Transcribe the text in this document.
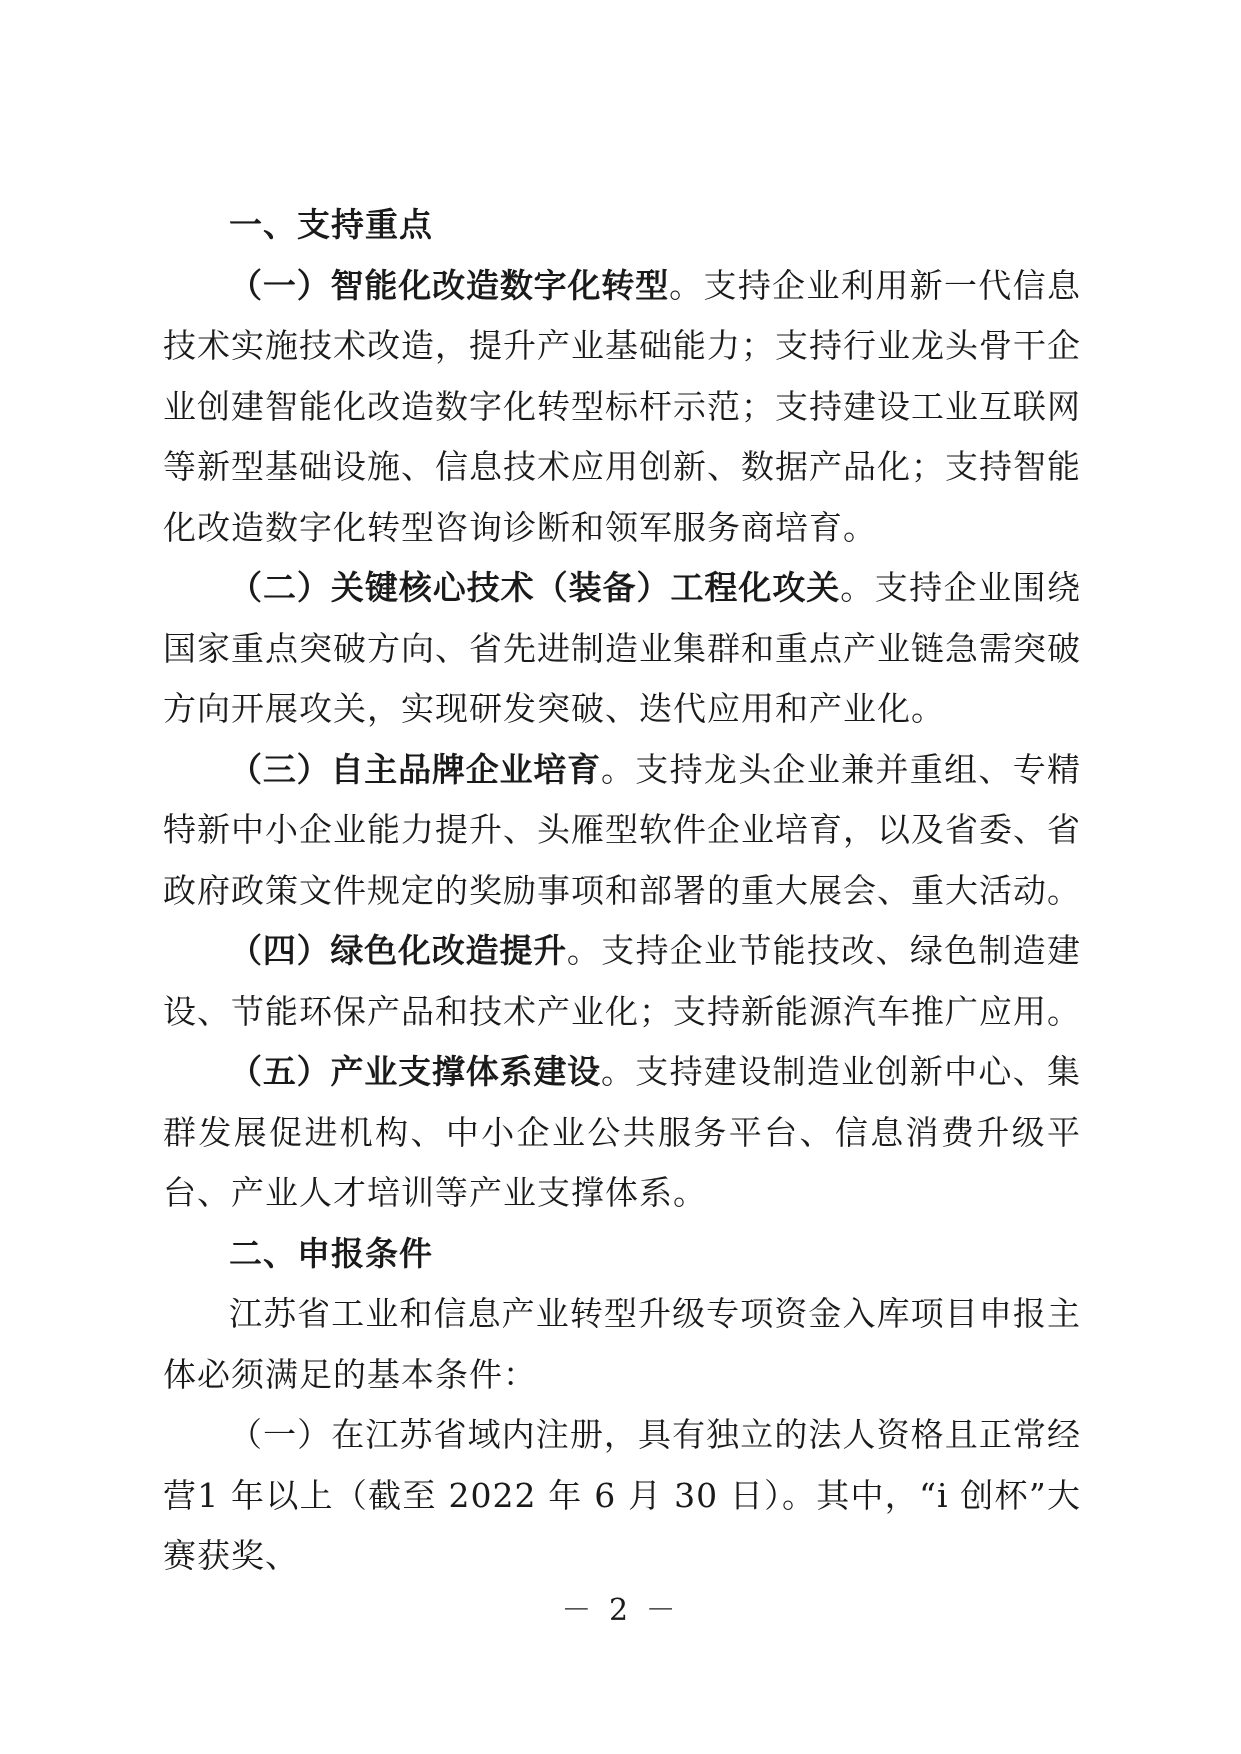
一、支持重点

（一）智能化改造数字化转型。支持企业利用新一代信息技术实施技术改造，提升产业基础能力；支持行业龙头骨干企业创建智能化改造数字化转型标杆示范；支持建设工业互联网等新型基础设施、信息技术应用创新、数据产品化；支持智能化改造数字化转型咨询诊断和领军服务商培育。

（二）关键核心技术（装备）工程化攻关。支持企业围绕国家重点突破方向、省先进制造业集群和重点产业链急需突破方向开展攻关，实现研发突破、迭代应用和产业化。

（三）自主品牌企业培育。支持龙头企业兼并重组、专精特新中小企业能力提升、头雁型软件企业培育，以及省委、省政府政策文件规定的奖励事项和部署的重大展会、重大活动。

（四）绿色化改造提升。支持企业节能技改、绿色制造建设、节能环保产品和技术产业化；支持新能源汽车推广应用。

（五）产业支撑体系建设。支持建设制造业创新中心、集群发展促进机构、中小企业公共服务平台、信息消费升级平台、产业人才培训等产业支撑体系。

二、申报条件

江苏省工业和信息产业转型升级专项资金入库项目申报主体必须满足的基本条件：

（一）在江苏省域内注册，具有独立的法人资格且正常经营1 年以上（截至 2022 年 6 月 30 日）。其中，“i 创杯”大赛获奖、

－ 2 －
